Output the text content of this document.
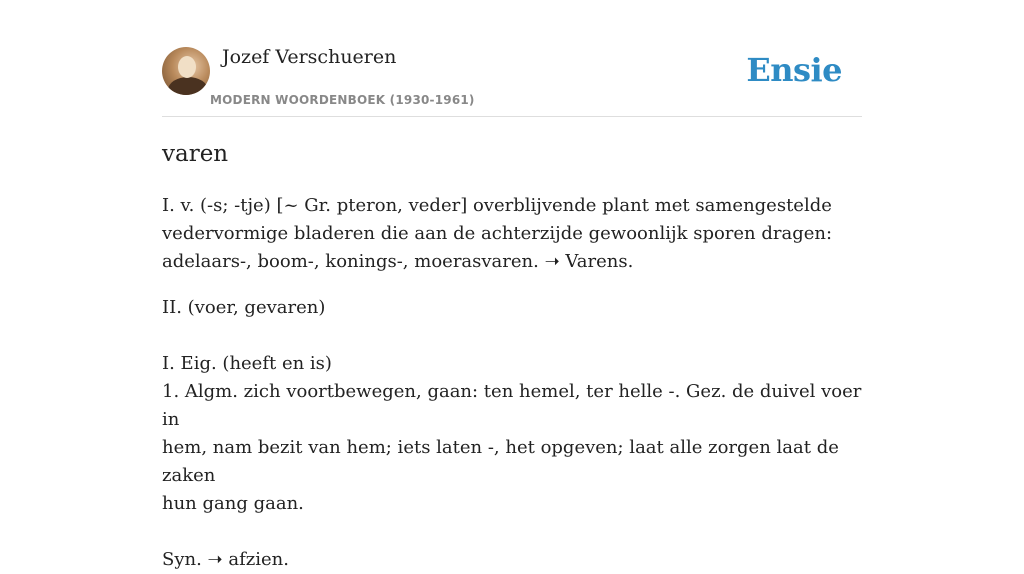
Jozef Verschueren
MODERN WOORDENBOEK (1930-1961)
Ensie
varen

I. v. (-s; -tje) [~ Gr. pteron, veder] overblijvende plant met samengestelde

vedervormige bladeren die aan de achterzijde gewoonlijk sporen dragen:

adelaars-, boom-, konings-, moerasvaren. ➝ Varens.

II. (voer, gevaren)

I. Eig. (heeft en is)

1. Algm. zich voortbewegen, gaan: ten hemel, ter helle -. Gez. de duivel voer in

hem, nam bezit van hem; iets laten -, het opgeven; laat alle zorgen laat de zaken

hun gang gaan.

Syn. ➝ afzien.
